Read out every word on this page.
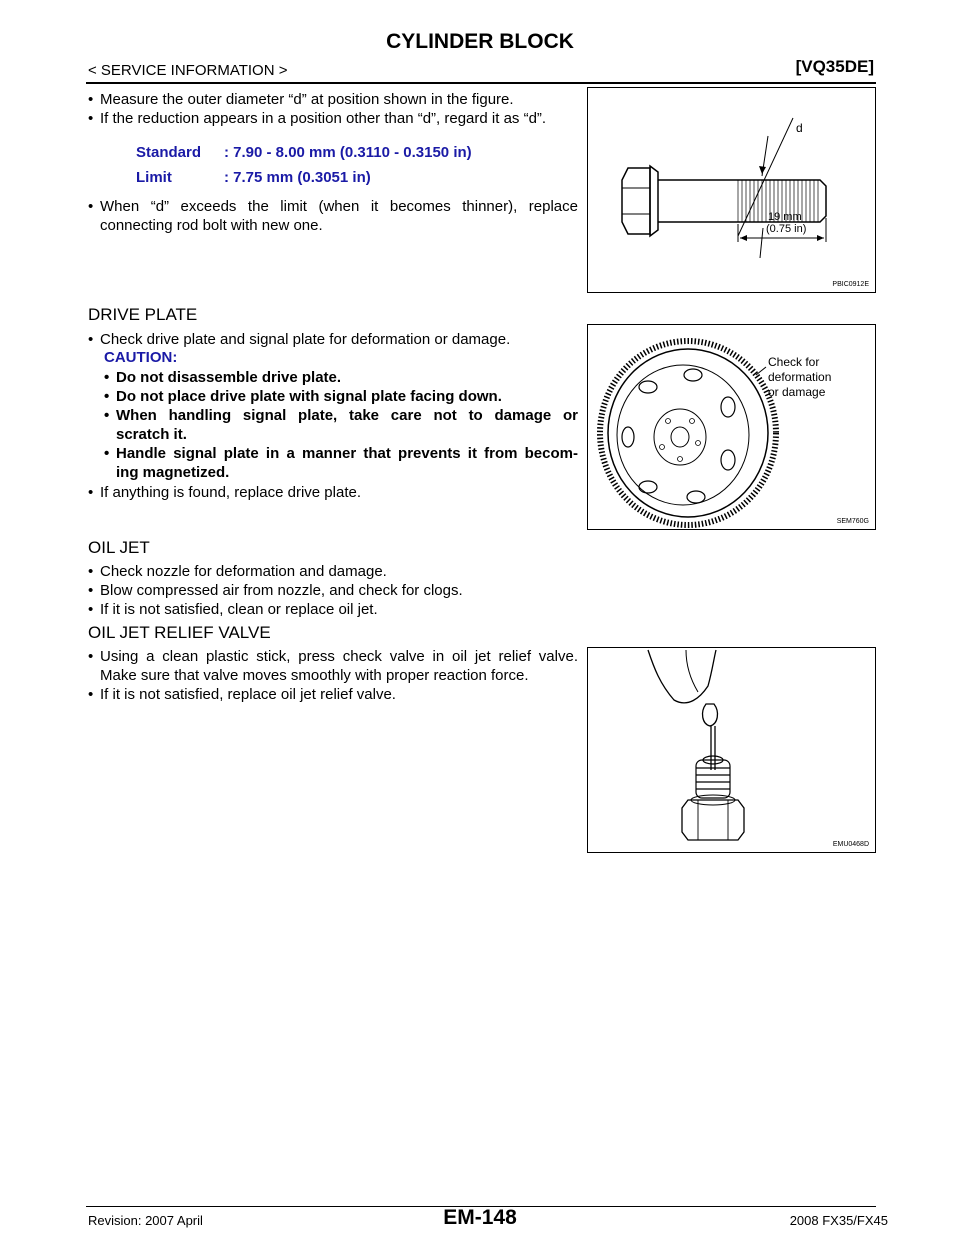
CYLINDER BLOCK
< SERVICE INFORMATION >	[VQ35DE]
• Measure the outer diameter “d” at position shown in the figure.
• If the reduction appears in a position other than “d”, regard it as “d”.
Standard : 7.90 - 8.00 mm (0.3110 - 0.3150 in)
Limit	: 7.75 mm (0.3051 in)
• When “d” exceeds the limit (when it becomes thinner), replace
connecting rod bolt with new one.
d
19 mm
(0.75 in)
PBIC0912E
DRIVE PLATE
• Check drive plate and signal plate for deformation or damage.
CAUTION:
• Do not disassemble drive plate.
• Do not place drive plate with signal plate facing down.
• When handling signal plate, take care not to damage or
scratch it.
• Handle signal plate in a manner that prevents it from becom-
ing magnetized.
• If anything is found, replace drive plate.
Check for
deformation
or damage
SEM760G
OIL JET
• Check nozzle for deformation and damage.
• Blow compressed air from nozzle, and check for clogs.
• If it is not satisfied, clean or replace oil jet.
OIL JET RELIEF VALVE
• Using a clean plastic stick, press check valve in oil jet relief valve.
Make sure that valve moves smoothly with proper reaction force.
• If it is not satisfied, replace oil jet relief valve.
EMU0468D
Revision: 2007 April	EM-148	2008 FX35/FX45
